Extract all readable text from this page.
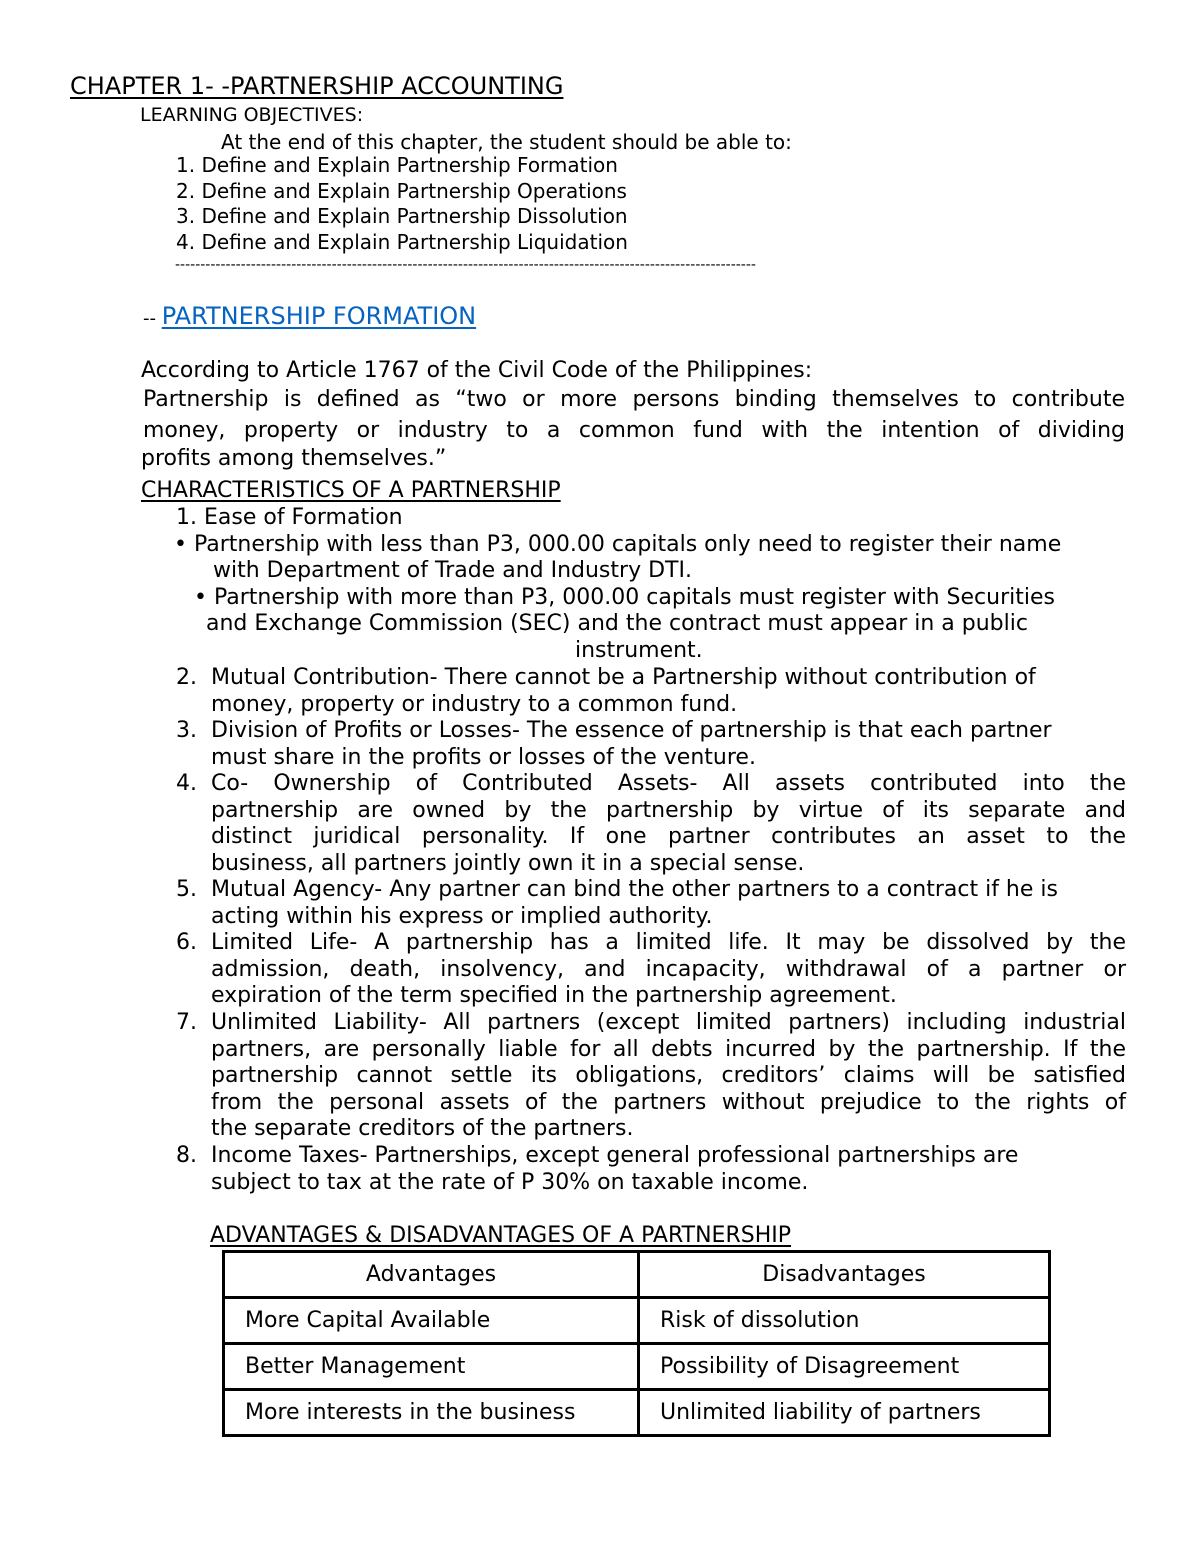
CHAPTER 1- -PARTNERSHIP ACCOUNTING
LEARNING OBJECTIVES:
At the end of this chapter, the student should be able to:
1. Define and Explain Partnership Formation
2. Define and Explain Partnership Operations
3. Define and Explain Partnership Dissolution
4. Define and Explain Partnership Liquidation
-------------------------------------------------------------------------------------------------------------------
-- PARTNERSHIP FORMATION
According to Article 1767 of the Civil Code of the Philippines:
Partnership is defined as “two or more persons binding themselves to contribute
money, property or industry to a common fund with the intention of dividing
profits among themselves.”
CHARACTERISTICS OF A PARTNERSHIP
1. Ease of Formation
• Partnership with less than P3, 000.00 capitals only need to register their name
with Department of Trade and Industry DTI.
• Partnership with more than P3, 000.00 capitals must register with Securities
and Exchange Commission (SEC) and the contract must appear in a public
instrument.
2. Mutual Contribution- There cannot be a Partnership without contribution of
money, property or industry to a common fund.
3. Division of Profits or Losses- The essence of partnership is that each partner
must share in the profits or losses of the venture.
4. Co- Ownership of Contributed Assets- All assets contributed into the
partnership are owned by the partnership by virtue of its separate and
distinct juridical personality. If one partner contributes an asset to the
business, all partners jointly own it in a special sense.
5. Mutual Agency- Any partner can bind the other partners to a contract if he is
acting within his express or implied authority.
6. Limited Life- A partnership has a limited life. It may be dissolved by the
admission, death, insolvency, and incapacity, withdrawal of a partner or
expiration of the term specified in the partnership agreement.
7. Unlimited Liability- All partners (except limited partners) including industrial
partners, are personally liable for all debts incurred by the partnership. If the
partnership cannot settle its obligations, creditors’ claims will be satisfied
from the personal assets of the partners without prejudice to the rights of
the separate creditors of the partners.
8. Income Taxes- Partnerships, except general professional partnerships are
subject to tax at the rate of P 30% on taxable income.
ADVANTAGES & DISADVANTAGES OF A PARTNERSHIP
Advantages	Disadvantages
More Capital Available	Risk of dissolution
Better Management	Possibility of Disagreement
More interests in the business	Unlimited liability of partners
